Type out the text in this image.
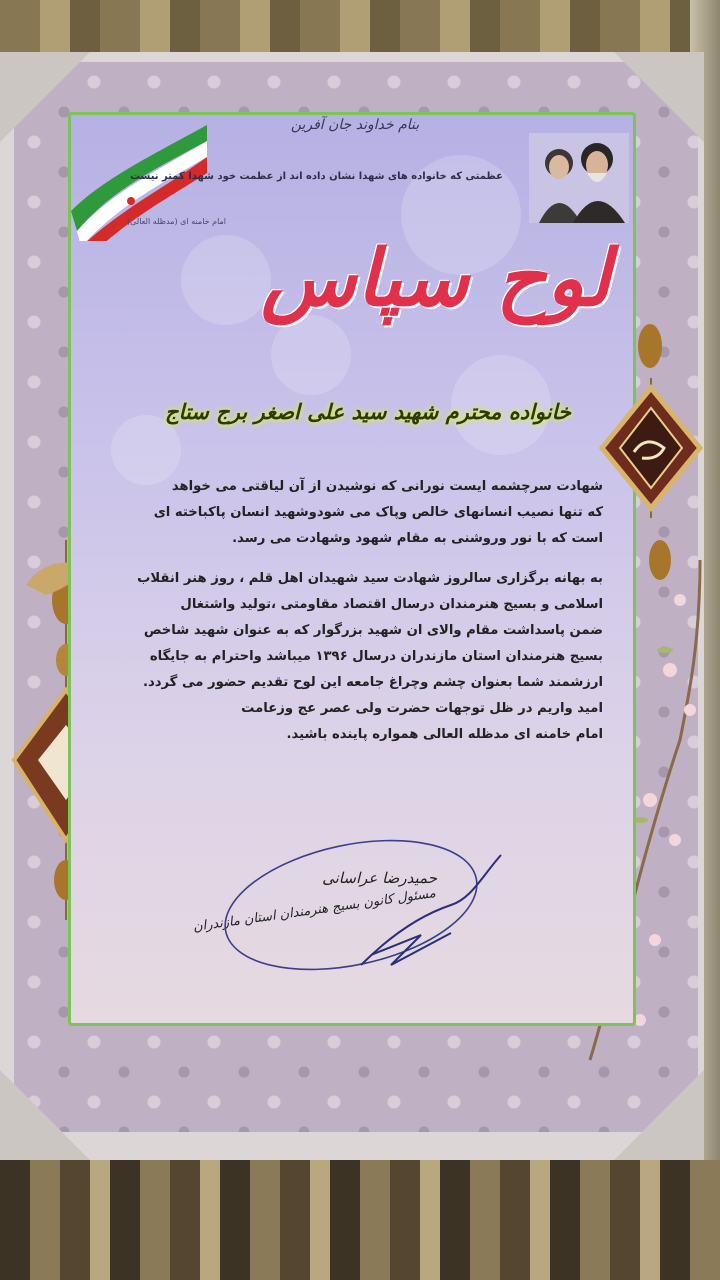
بنام خداوند جان آفرین
عظمتی که خانواده های شهدا نشان داده اند از عظمت خود شهدا کمتر نیست
امام خامنه ای (مدظله العالی)
لوح سپاس
خانواده محترم شهید سید علی اصغر برج ستاج
شهادت سرچشمه ایست نورانی که نوشیدن از آن لیاقتی می خواهد
که تنها نصیب انسانهای خالص وپاک می شودوشهید انسان پاکباخته ای
است که با نور وروشنی به مقام شهود وشهادت می رسد.
به بهانه برگزاری سالروز شهادت سید شهیدان اهل قلم ، روز هنر انقلاب
اسلامی و بسیج هنرمندان درسال اقتصاد مقاومتی ،تولید واشتغال
ضمن پاسداشت مقام والای ان شهید بزرگوار که به عنوان شهید شاخص
بسیج هنرمندان استان مازندران درسال ۱۳۹۶ میباشد واحترام به جایگاه
ارزشمند شما بعنوان چشم وچراغ جامعه این لوح تقدیم حضور می گردد.
امید واریم در ظل توجهات حضرت ولی عصر عج وزعامت
امام خامنه ای مدظله العالی همواره پاینده باشید.
حمیدرضا عراسانی
مسئول کانون بسیج هنرمندان استان مازندران
